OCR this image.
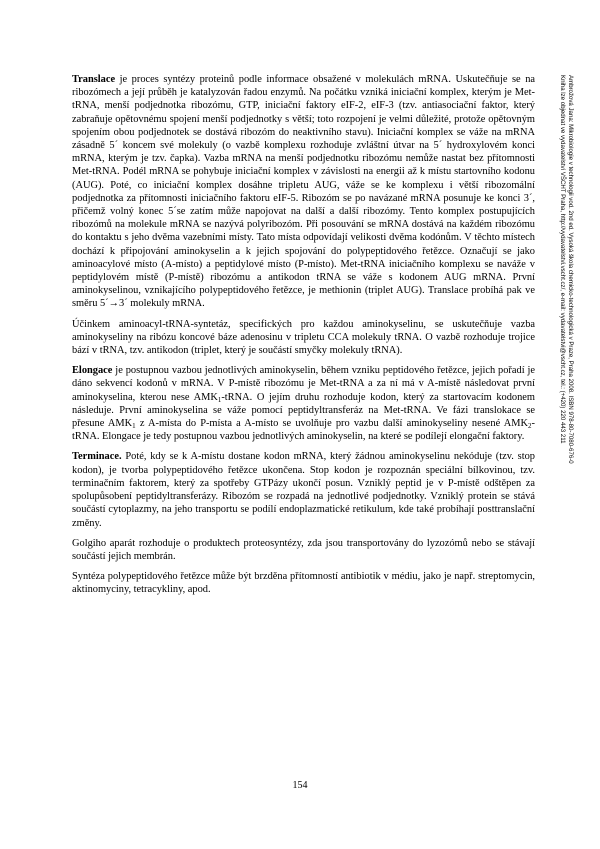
Translace je proces syntézy proteinů podle informace obsažené v molekulách mRNA. Uskutečňuje se na ribozómech a její průběh je katalyzován řadou enzymů. Na počátku vzniká iniciační komplex, kterým je Met-tRNA, menší podjednotka ribozómu, GTP, iniciační faktory eIF-2, eIF-3 (tzv. antiasociační faktor, který zabraňuje opětovnému spojení menší podjednotky s větší; toto rozpojení je velmi důležité, protože opětovným spojením obou podjednotek se dostává ribozóm do neaktivního stavu). Iniciační komplex se váže na mRNA zásadně 5´ koncem své molekuly (o vazbě komplexu rozhoduje zvláštní útvar na 5´ hydroxylovém konci mRNA, kterým je tzv. čapka). Vazba mRNA na menší podjednotku ribozómu nemůže nastat bez přítomnosti Met-tRNA. Podél mRNA se pohybuje iniciační komplex v závislosti na energii až k místu startovního kodonu (AUG). Poté, co iniciační komplex dosáhne tripletu AUG, váže se ke komplexu i větší ribozomální podjednotka za přítomnosti iniciačního faktoru eIF-5. Ribozóm se po navázané mRNA posunuje ke konci 3´, přičemž volný konec 5´se zatím může napojovat na další a další ribozómy. Tento komplex postupujících ribozómů na molekule mRNA se nazývá polyribozóm. Při posouvání se mRNA dostává na každém ribozómu do kontaktu s jeho dvěma vazebními místy. Tato místa odpovídají velikosti dvěma kodónům. V těchto místech dochází k připojování aminokyselin a k jejich spojování do polypeptidového řetězce. Označují se jako aminoacylové místo (A-místo) a peptidylové místo (P-místo). Met-tRNA iniciačního komplexu se naváže v peptidylovém místě (P-místě) ribozómu a antikodon tRNA se váže s kodonem AUG mRNA. První aminokyselinou, vznikajícího polypeptidového řetězce, je methionin (triplet AUG). Translace probíhá pak ve směru 5´→3´ molekuly mRNA.

Účinkem aminoacyl-tRNA-syntetáz, specifických pro každou aminokyselinu, se uskutečňuje vazba aminokyseliny na ribózu koncové báze adenosinu v tripletu CCA molekuly tRNA. O vazbě rozhoduje trojice bází v tRNA, tzv. antikodon (triplet, který je součástí smyčky molekuly tRNA).

Elongace je postupnou vazbou jednotlivých aminokyselin, během vzniku peptidového řetězce, jejich pořadí je dáno sekvencí kodonů v mRNA. V P-místě ribozómu je Met-tRNA a za ní má v A-místě následovat první aminokyselina, kterou nese $AMK_1$-tRNA. O jejím druhu rozhoduje kodon, který za startovacím kodonem následuje. První aminokyselina se váže pomocí peptidyltransferáz na Met-tRNA. Ve fázi translokace se přesune $AMK_1$ z A-místa do P-místa a A-místo se uvolňuje pro vazbu další aminokyseliny nesené $AMK_2$-tRNA. Elongace je tedy postupnou vazbou jednotlivých aminokyselin, na které se podílejí elongační faktory.

Terminace. Poté, kdy se k A-místu dostane kodon mRNA, který žádnou aminokyselinu nekóduje (tzv. stop kodon), je tvorba polypeptidového řetězce ukončena. Stop kodon je rozpoznán speciální bílkovinou, tzv. terminačním faktorem, který za spotřeby GTPázy ukončí posun. Vzniklý peptid je v P-místě odštěpen za spolupůsobení peptidyltransferázy. Ribozóm se rozpadá na jednotlivé podjednotky. Vzniklý protein se stává součástí cytoplazmy, na jeho transportu se podílí endoplazmatické retikulum, kde také probíhají posttranslační změny.

Golgiho aparát rozhoduje o produktech proteosyntézy, zda jsou transportovány do lyzozómů nebo se stávají součástí jejich membrán.

Syntéza polypeptidového řetězce může být brzděna přítomností antibiotik v médiu, jako je např. streptomycin, aktinomyciny, tetracykliny, apod.

Ambrožová Jana: Mikrobiologie v technologii vod. 2nd ed. Vysoká škola chemicko-technologická v Praze, Praha 2008. ISBN 978-80-7080-676-0
Kniha lze objednat ve vydavatelství VŠCHT Praha, http://vydavatelstvi.vscht.cz/, e-mail: vydavatelstvi@vscht.cz, tel.: (+420) 220 443 211
154
